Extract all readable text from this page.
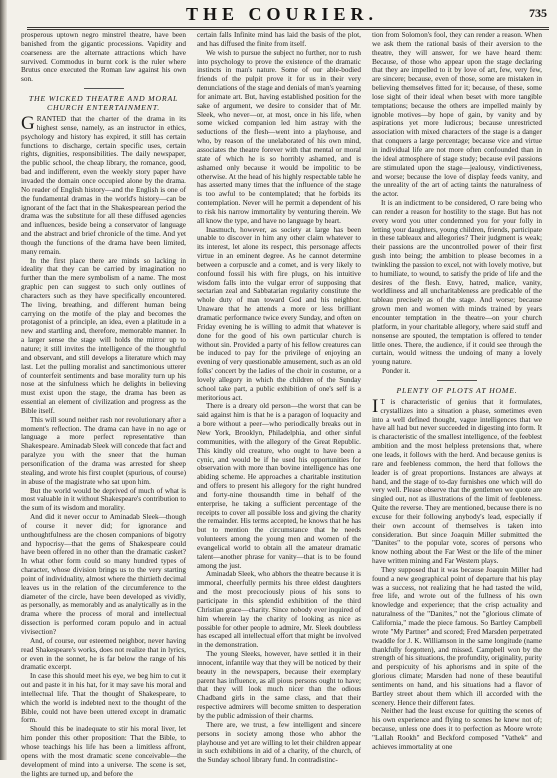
THE COURIER.	735

prosperous uptown negro minstrel theatre, have been banished from the gigantic processions. Vapidity and coarseness are the alternate attractions which have survived. Commodus in burnt cork is the ruler where Brutus once executed the Roman law against his own son.

THE WICKED THEATRE AND MORAL CHURCH ENTERTAINMENT.

GRANTED that the charter of the drama in its highest sense, namely, as an instructor in ethics, psychology and history has expired, it still has certain functions to discharge, certain specific uses, certain rights, dignities, responsibilities. The daily newspaper, the public school, the cheap library, the romance, good, bad and indifferent, even the weekly story paper have invaded the domain once occupied alone by the drama. No reader of English history—and the English is one of the fundamental dramas in the world's history—can be ignorant of the fact that in the Shakespearean period the drama was the substitute for all these diffused agencies and influences, beside being a conservator of language and the abstract and brief chronicle of the time. And yet though the functions of the drama have been limited, many remain.

In the first place there are minds so lacking in ideality that they can be carried by imagination no further than the mere symbolism of a name. The most graphic pen can suggest to such only outlines of characters such as they have specifically encountered. The living, breathing, and different human being carrying on the motife of the play and becomes the protagonist of a principle, an idea, even a platitude in a new and startling and, therefore, memorable manner. In a larger sense the stage will holds the mirror up to nature; it still invites the intelligence of the thoughtful and observant, and still develops a literature which may last. Let the pulling moralist and sanctimonious utterer of counterfeit sentiments and base morality turn up his nose at the sinfulness which he delights in believing must exist upon the stage, the drama has been as essential an element of civilization and progress as the Bible itself.

This will sound neither rash nor revolutionary after a moment's reflection. The drama can have in no age or language a more perfect representative than Shakespeare. Aminadab Sleek will concede that fact and paralyze you with the sneer that the human personification of the drama was arrested for sheep stealing, and wrote his first couplet (spurious, of course) in abuse of the magistrate who sat upon him.

But the world would be deprived of much of what is most valuable in it without Shakespeare's contribution to the sum of its wisdom and morality.

And did it never occur to Aminadab Sleek—though of course it never did; for ignorance and unthoughtfulness are the chosen companions of bigotry and hypocrisy—that the gems of Shakespeare could have been offered in no other than the dramatic casket? In what other form could so many hundred types of character, whose division brings us to the very starting point of individuality, almost where the thirtieth decimal leaves us in the relation of the circumference to the diameter of the circle, have been developed as vividly, as personally, as memorably and as analytically as in the drama where the process of moral and intellectual dissection is performed coram populo and in actual vivisection?

And, of course, our esteemed neighbor, never having read Shakespeare's works, does not realize that in lyrics, or even in the sonnet, he is far below the range of his dramatic excerpt.

In case this should meet his eye, we beg him to cut it out and paste it in his hat, for it may save his moral and intellectual life. That the thought of Shakespeare, to which the world is indebted next to the thought of the Bible, could not have been uttered except in dramatic form.

Should this be inadequate to stir his moral liver, let him ponder this other proposition: That the Bible, to whose teachings his life has been a limitless affront, opens with the most dramatic scene conceivable—the development of mind into a universe. The scene is set, the lights are turned up, and before the

certain falls Infinite mind has laid the basis of the plot, and has diffused the finite from itself.

We wish to pursue the subject no further, nor to rush into psychology to prove the existence of the dramatic instincts in man's nature. Some of our able-bodied friends of the pulpit prove it for us in their very denunciations of the stage and denials of man's yearning for animate art. But, having established position for the sake of argument, we desire to consider that of Mr. Sleek, who never—or, at most, once in his life, when some wicked companion led him astray with the seductions of the flesh—went into a playhouse, and who, by reason of the unelaborated of his own mind, associates the theatre forever with that mental or moral state of which he is so horribly ashamed, and is ashamed only because it would be impolitic to be otherwise. At the head of his highly respectable table he has asserted many times that the influence of the stage is too awful to be contemplated; that he forbids its contemplation. Never will he permit a dependent of his to risk his narrow immortality by venturing therein. We all know the type, and have no language by heart.

Inasmuch, however, as society at large has been unable to discover in him any other claim whatever to its interest, let alone its respect, this personage affects virtue in an eminent degree. As he cannot determine between a corpuscle and a comet, and is very likely to confound fossil his with fire plugs, on his intuitive wisdom falls into the vulgar error of supposing that sectarian zeal and Sabbatarian regularity constitute the whole duty of man toward God and his neighbor. Unaware that he attends a more or less brilliant dramatic performance twice every Sunday, and often on Friday evening he is willing to admit that whatever is done for the good of his own particular church is without sin. Provided a party of his fellow creatures can be induced to pay for the privilege of enjoying an evening of very questionable amusement, such as an old folks' concert by the ladies of the choir in costume, or a lovely allegory in which the children of the Sunday school take part, a public exhibition of one's self is a meritorious act.

There is a dreary old person—the worst that can be said against him is that he is a paragon of loquacity and a bore without a peer—who periodically breaks out in New York, Brooklyn, Philadelphia, and other sinful communities, with the allegory of the Great Republic. This kindly old creature, who ought to have been a cynic, and would be if he used his opportunities for observation with more than bovine intelligence has one abiding scheme. He approaches a charitable institution and offers to present his allegory for the right hundred and forty-nine thousandth time in behalf of the enterprise, he taking a sufficient percentage of the receipts to cover all possible loss and giving the charity the remainder. His terms accepted, he knows that he has but to mention the circumstance that he needs volunteers among the young men and women of the evangelical world to obtain all the amateur dramatic talent—another phrase for vanity—that is to be found among the just.

Aminadab Sleek, who abhors the theatre because it is immoral, cheerfully permits his three eldest daughters and the most precociously pious of his sons to participate in this splendid exhibition of the third Christian grace—charity. Since nobody ever inquired of him wherein lay the charity of looking as nice as possible for other people to admire, Mr. Sleek doubtless has escaped all intellectual effort that might be involved in the demonstration.

The young Sleeks, however, have settled it in their innocent, infantile way that they will be noticed by their beauty in the newspapers, because their exemplary parent has influence, as all pious persons ought to have; that they will look much nicer than the odious Chadband girls in the same class, and that their respective admirers will become smitten to desperation by the public admission of their charms.

There are, we trust, a few intelligent and sincere persons in society among those who abhor the playhouse and yet are willing to let their children appear in such exhibitions in aid of a charity, of the church, of the Sunday school library fund. In contradistinc-

tion from Solomon's fool, they can render a reason. When we ask them the rational basis of their aversion to the theatre, they will answer, for we have heard them: Because, of those who appear upon the stage declaring that they are impelled to it by love of art, few, very few, are sincere; because, even of those, some are mistaken in believing themselves fitted for it; because, of these, some lose sight of their ideal when beset with more tangible temptations; because the others are impelled mainly by ignoble motives—by hope of gain, by vanity and by aspirations yet more ludicrous; because unrestricted association with mixed characters of the stage is a danger that conquers a large percentage; because vice and virtue in individual life are not more often confounded than in the ideal atmosphere of stage study; because evil passions are stimulated upon the stage—jealousy, vindictiveness, and worse; because the love of display feeds vanity, and the unreality of the art of acting taints the naturalness of the actor.

It is an indictment to be considered, O rare being who can render a reason for hostility to the stage. But has not every word you utter condemned you for your folly in letting your daughters, young children, friends, participate in these tableaux and allegories? Their judgment is weak; their passions are the uncontrolled power of their first gush into being; the ambition to please becomes in a twinkling the passion to excel, not with lovely motive, but to humiliate, to wound, to satisfy the pride of life and the desires of the flesh. Envy, hatred, malice, vanity, worldliness and all uncharitableness are predicable of the tableau precisely as of the stage. And worse; because grown men and women with minds trained by years encounter temptation in the theatre—on your church platform, in your charitable allegory, where said stuff and nonsense are spouted, the temptation is offered to tender little ones. There, the audience, if it could see through the curtain, would witness the undoing of many a lovely young nature.

Ponder it.

PLENTY OF PLOTS AT HOME.

I T is characteristic of genius that it formulates, crystallizes into a situation a phase, sometimes even into a well defined thought, vague intelligences that we have all had but never succeeded in digesting into form. It is characteristic of the smallest intelligence, of the feeblest ambition and the most helpless pretensions that, where one leads, it follows with the herd. And because genius is rare and feebleness common, the herd that follows the leader is of great proportions. Instances are always at hand, and the stage of to-day furnishes one which will do very well. Please observe that the gentlemen we quote are singled out, not as illustrations of the limit of feebleness. Quite the reverse. They are mentioned, because there is no excuse for their following anybody's lead, especially if their own account of themselves is taken into consideration. But since Joaquin Miller submitted the "Danites" to the popular vote, scores of persons who know nothing about the Far West or the life of the miner have written mining and Far Western plays.

They supposed that it was because Joaquin Miller had found a new geographical point of departure that his play was a success, not realizing that he had tasted the wild, free life, and wrote out of the fullness of his own knowledge and experience; that the crisp actuality and naturalness of the "Danites," not the "glorious climate of California," made the piece famous. So Bartley Campbell wrote "My Partner" and scored; Fred Marsden perpetrated twaddle for J. K. Williamson in the same longitude (name thankfully forgotten), and missed. Campbell won by the strength of his situations, the profundity, originality, purity and perspicuity of his aphorisms and in spite of the glorious climate; Marsden had none of these beautiful sentiments on hand, and his situations had a flavor of Bartley street about them which ill accorded with the scenery. Hence their different fates.

Neither had the least excuse for quitting the scenes of his own experience and flying to scenes he knew not of; because, unless one does it to perfection as Moore wrote "Lallah Rookh" and Beckford composed "Vathek" and achieves immortality at one
